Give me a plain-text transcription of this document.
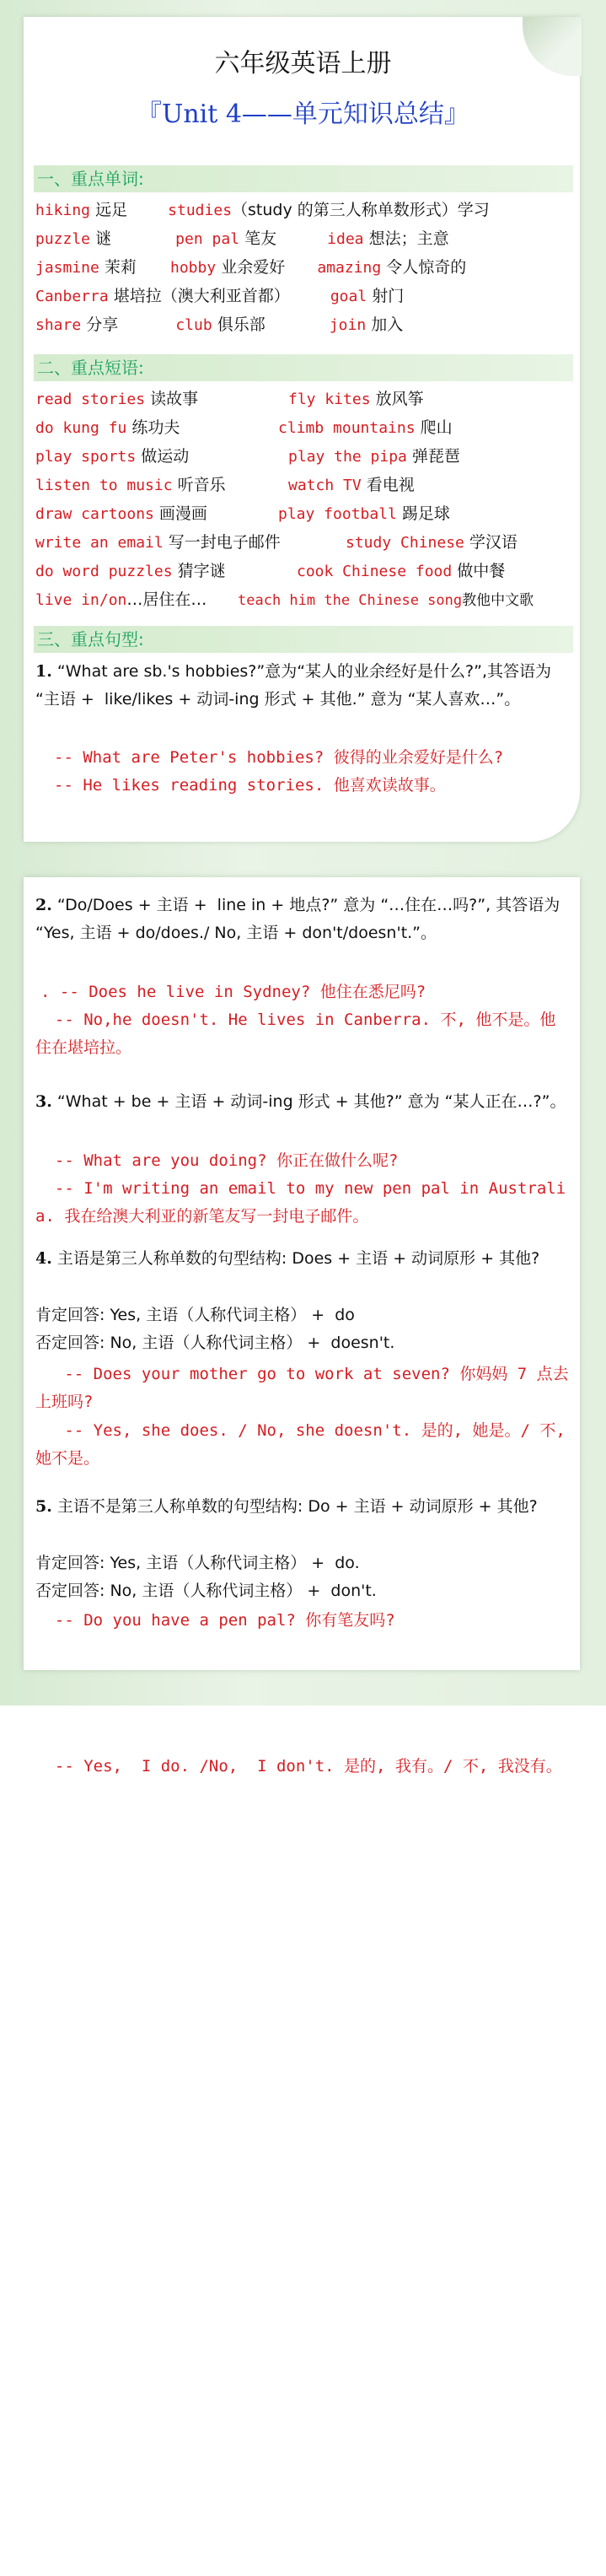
六年级英语上册
『Unit 4——单元知识总结』
一、重点单词:
hiking 远足	studies（study 的第三人称单数形式）学习
puzzle 谜	pen pal 笔友	idea 想法；主意
jasmine 茉莉 hobby 业余爱好 amazing 令人惊奇的
Canberra 堪培拉（澳大利亚首都）	goal 射门
share 分享	club 俱乐部	join 加入
二、重点短语:
read stories 读故事	fly kites 放风筝
do kung fu 练功夫	climb mountains 爬山
play sports 做运动	play the pipa 弹琵琶
listen to music 听音乐	watch TV 看电视
draw cartoons 画漫画	play football 踢足球
write an email 写一封电子邮件	study Chinese 学汉语
do word puzzles 猜字谜	cook Chinese food 做中餐
live in/on…居住在… teach him the Chinese song教他中文歌
三、重点句型:
1. “What are sb.'s hobbies?”意为“某人的业余经好是什么?”,其答语为 “主语 +  like/likes + 动词-ing 形式 + 其他.” 意为 “某人喜欢…”。
-- What are Peter's hobbies? 彼得的业余爱好是什么?
-- He likes reading stories. 他喜欢读故事。
2. “Do/Does + 主语 +  line in + 地点?” 意为 “…住在…吗?”, 其答语为 “Yes, 主语 + do/does./ No, 主语 + don't/doesn't.”。
. -- Does he live in Sydney? 他住在悉尼吗?
-- No,he doesn't. He lives in Canberra. 不, 他不是。他住在堪培拉。
3. “What + be + 主语 + 动词-ing 形式 + 其他?” 意为 “某人正在…?”。
-- What are you doing? 你正在做什么呢?
-- I'm writing an email to my new pen pal in Australia. 我在给澳大利亚的新笔友写一封电子邮件。
4. 主语是第三人称单数的句型结构: Does + 主语 + 动词原形 + 其他?
肯定回答: Yes, 主语（人称代词主格） +  do
否定回答: No, 主语（人称代词主格） +  doesn't.
-- Does your mother go to work at seven? 你妈妈 7 点去上班吗?
-- Yes, she does. / No, she doesn't. 是的, 她是。/ 不, 她不是。
5. 主语不是第三人称单数的句型结构: Do + 主语 + 动词原形 + 其他?
肯定回答: Yes, 主语（人称代词主格） +  do.
否定回答: No, 主语（人称代词主格） +  don't.
-- Do you have a pen pal? 你有笔友吗?
-- Yes,  I do. /No,  I don't. 是的, 我有。/ 不, 我没有。
